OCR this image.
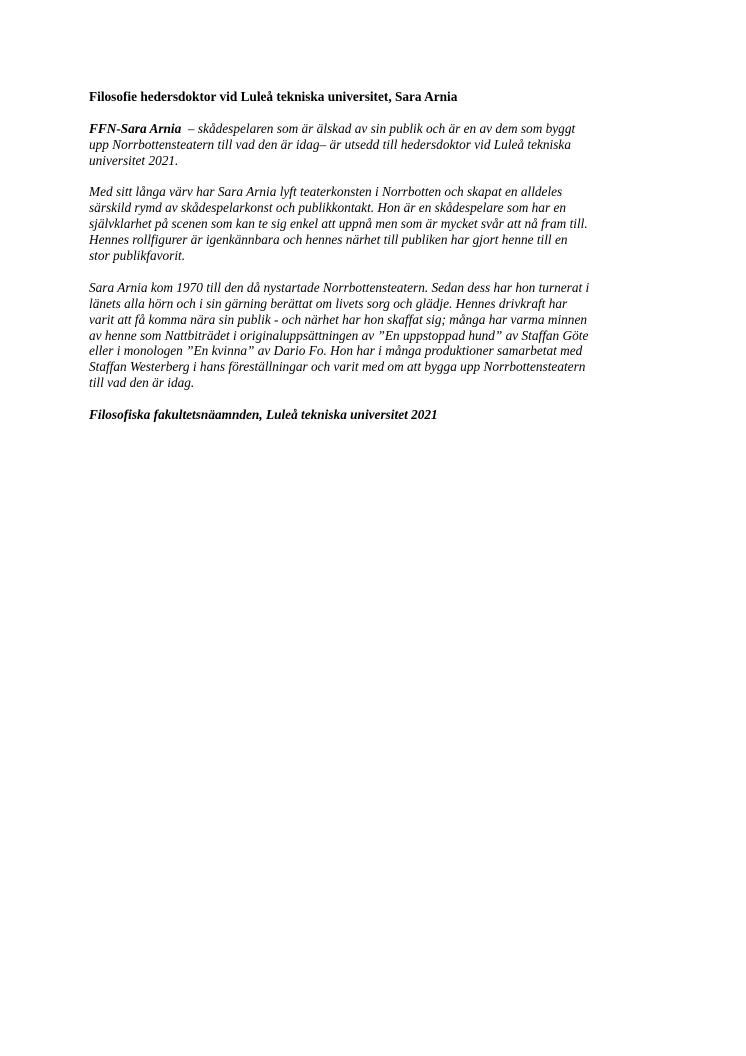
Filosofie hedersdoktor vid Luleå tekniska universitet, Sara Arnia
FFN-Sara Arnia  – skådespelaren som är älskad av sin publik och är en av dem som byggt
upp Norrbottensteatern till vad den är idag– är utsedd till hedersdoktor vid Luleå tekniska
universitet 2021.
Med sitt långa värv har Sara Arnia lyft teaterkonsten i Norrbotten och skapat en alldeles
särskild rymd av skådespelarkonst och publikkontakt. Hon är en skådespelare som har en
självklarhet på scenen som kan te sig enkel att uppnå men som är mycket svår att nå fram till.
Hennes rollfigurer är igenkännbara och hennes närhet till publiken har gjort henne till en
stor publikfavorit.
Sara Arnia kom 1970 till den då nystartade Norrbottensteatern. Sedan dess har hon turnerat i
länets alla hörn och i sin gärning berättat om livets sorg och glädje. Hennes drivkraft har
varit att få komma nära sin publik - och närhet har hon skaffat sig; många har varma minnen
av henne som Nattbiträdet i originaluppsättningen av ”En uppstoppad hund” av Staffan Göte
eller i monologen ”En kvinna” av Dario Fo. Hon har i många produktioner samarbetat med
Staffan Westerberg i hans föreställningar och varit med om att bygga upp Norrbottensteatern
till vad den är idag.
Filosofiska fakultetsnäamnden, Luleå tekniska universitet 2021
